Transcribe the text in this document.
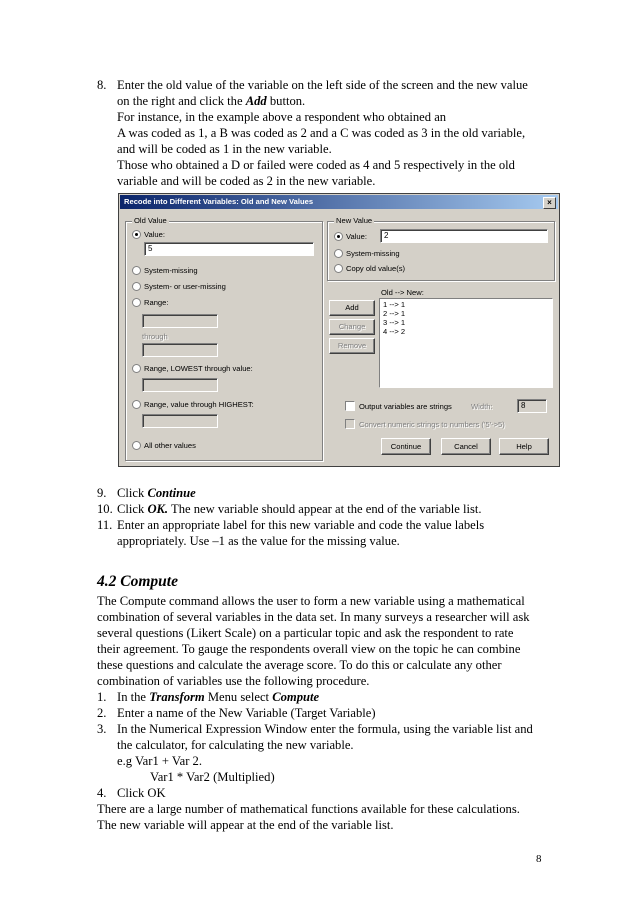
8. Enter the old value of the variable on the left side of the screen and the new value
on the right and click the Add button.
For instance, in the example above a respondent who obtained an
A was coded as 1, a B was coded as 2 and a C was coded as 3 in the old variable,
and will be coded as 1 in the new variable.
Those who obtained a D or failed were coded as 4 and 5 respectively in the old
variable and will be coded as 2 in the new variable.
Recode into Different Variables: Old and New Values	×
Old Value
Value:
5
System-missing
System- or user-missing
Range:
through
Range, LOWEST through value:
Range, value through HIGHEST:
All other values
New Value
Value:	2
System-missing
Copy old value(s)
Old --> New:
1 --> 1
2 --> 1
3 --> 1
4 --> 2
Add
Change
Remove
Output variables are strings	Width:	8
Convert numeric strings to numbers ('5'->5)
Continue	Cancel	Help
9. Click Continue
10. Click OK. The new variable should appear at the end of the variable list.
11. Enter an appropriate label for this new variable and code the value labels
appropriately. Use –1 as the value for the missing value.
4.2 Compute
The Compute command allows the user to form a new variable using a mathematical
combination of several variables in the data set. In many surveys a researcher will ask
several questions (Likert Scale) on a particular topic and ask the respondent to rate
their agreement. To gauge the respondents overall view on the topic he can combine
these questions and calculate the average score. To do this or calculate any other
combination of variables use the following procedure.
1. In the Transform Menu select Compute
2. Enter a name of the New Variable (Target Variable)
3. In the Numerical Expression Window enter the formula, using the variable list and
the calculator, for calculating the new variable.
e.g Var1 + Var 2.
Var1 * Var2 (Multiplied)
4. Click OK
There are a large number of mathematical functions available for these calculations.
The new variable will appear at the end of the variable list.
8
